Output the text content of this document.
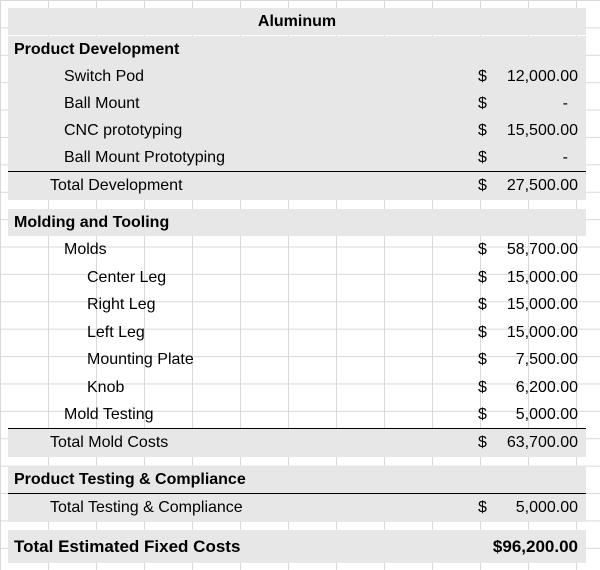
Aluminum
Product Development
Switch Pod	$ 12,000.00
Ball Mount	$	-
CNC prototyping	$ 15,500.00
Ball Mount Prototyping	$	-
Total Development	$ 27,500.00
Molding and Tooling
Molds	$ 58,700.00
Center Leg	$ 15,000.00
Right Leg	$ 15,000.00
Left Leg	$ 15,000.00
Mounting Plate	$ 7,500.00
Knob	$ 6,200.00
Mold Testing	$ 5,000.00
Total Mold Costs	$ 63,700.00
Product Testing & Compliance
Total Testing & Compliance	$ 5,000.00
Total Estimated Fixed Costs	$96,200.00
